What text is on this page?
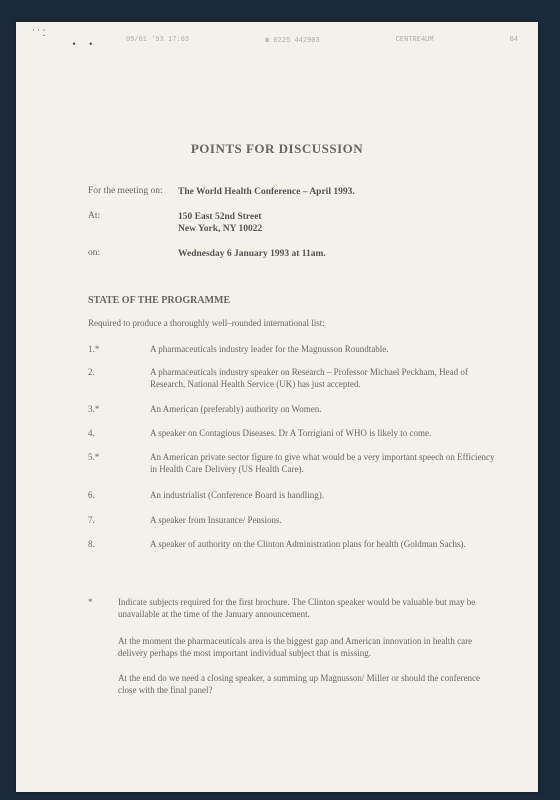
˙ ˙ ⁚
•      •	05/01 '93 17:03	☎ 0225 442903	CENTRE4UM	04
POINTS FOR DISCUSSION
For the meeting on: The World Health Conference – April 1993.
At:	150 East 52nd Street
New York, NY 10022
on:	Wednesday 6 January 1993 at 11am.
STATE OF THE PROGRAMME
Required to produce a thoroughly well–rounded international list:
1.*	A pharmaceuticals industry leader for the Magnusson Roundtable.
2.	A pharmaceuticals industry speaker on Research – Professor Michael Peckham, Head of Research, National Health Service (UK) has just accepted.
3.*	An American (preferably) authority on Women.
4.	A speaker on Contagious Diseases. Dr A Torrigiani of WHO is likely to come.
5.*	An American private sector figure to give what would be a very important speech on Efficiency in Health Care Delivery (US Health Care).
6.	An industrialist (Conference Board is handling).
7.	A speaker from Insurance/ Pensions.
8.	A speaker of authority on the Clinton Administration plans for health (Goldman Sachs).
*	Indicate subjects required for the first brochure. The Clinton speaker would be valuable but may be unavailable at the time of the January announcement.
At the moment the pharmaceuticals area is the biggest gap and American innovation in health care delivery perhaps the most important individual subject that is missing.
At the end do we need a closing speaker, a summing up Magnusson/ Miller or should the conference close with the final panel?
